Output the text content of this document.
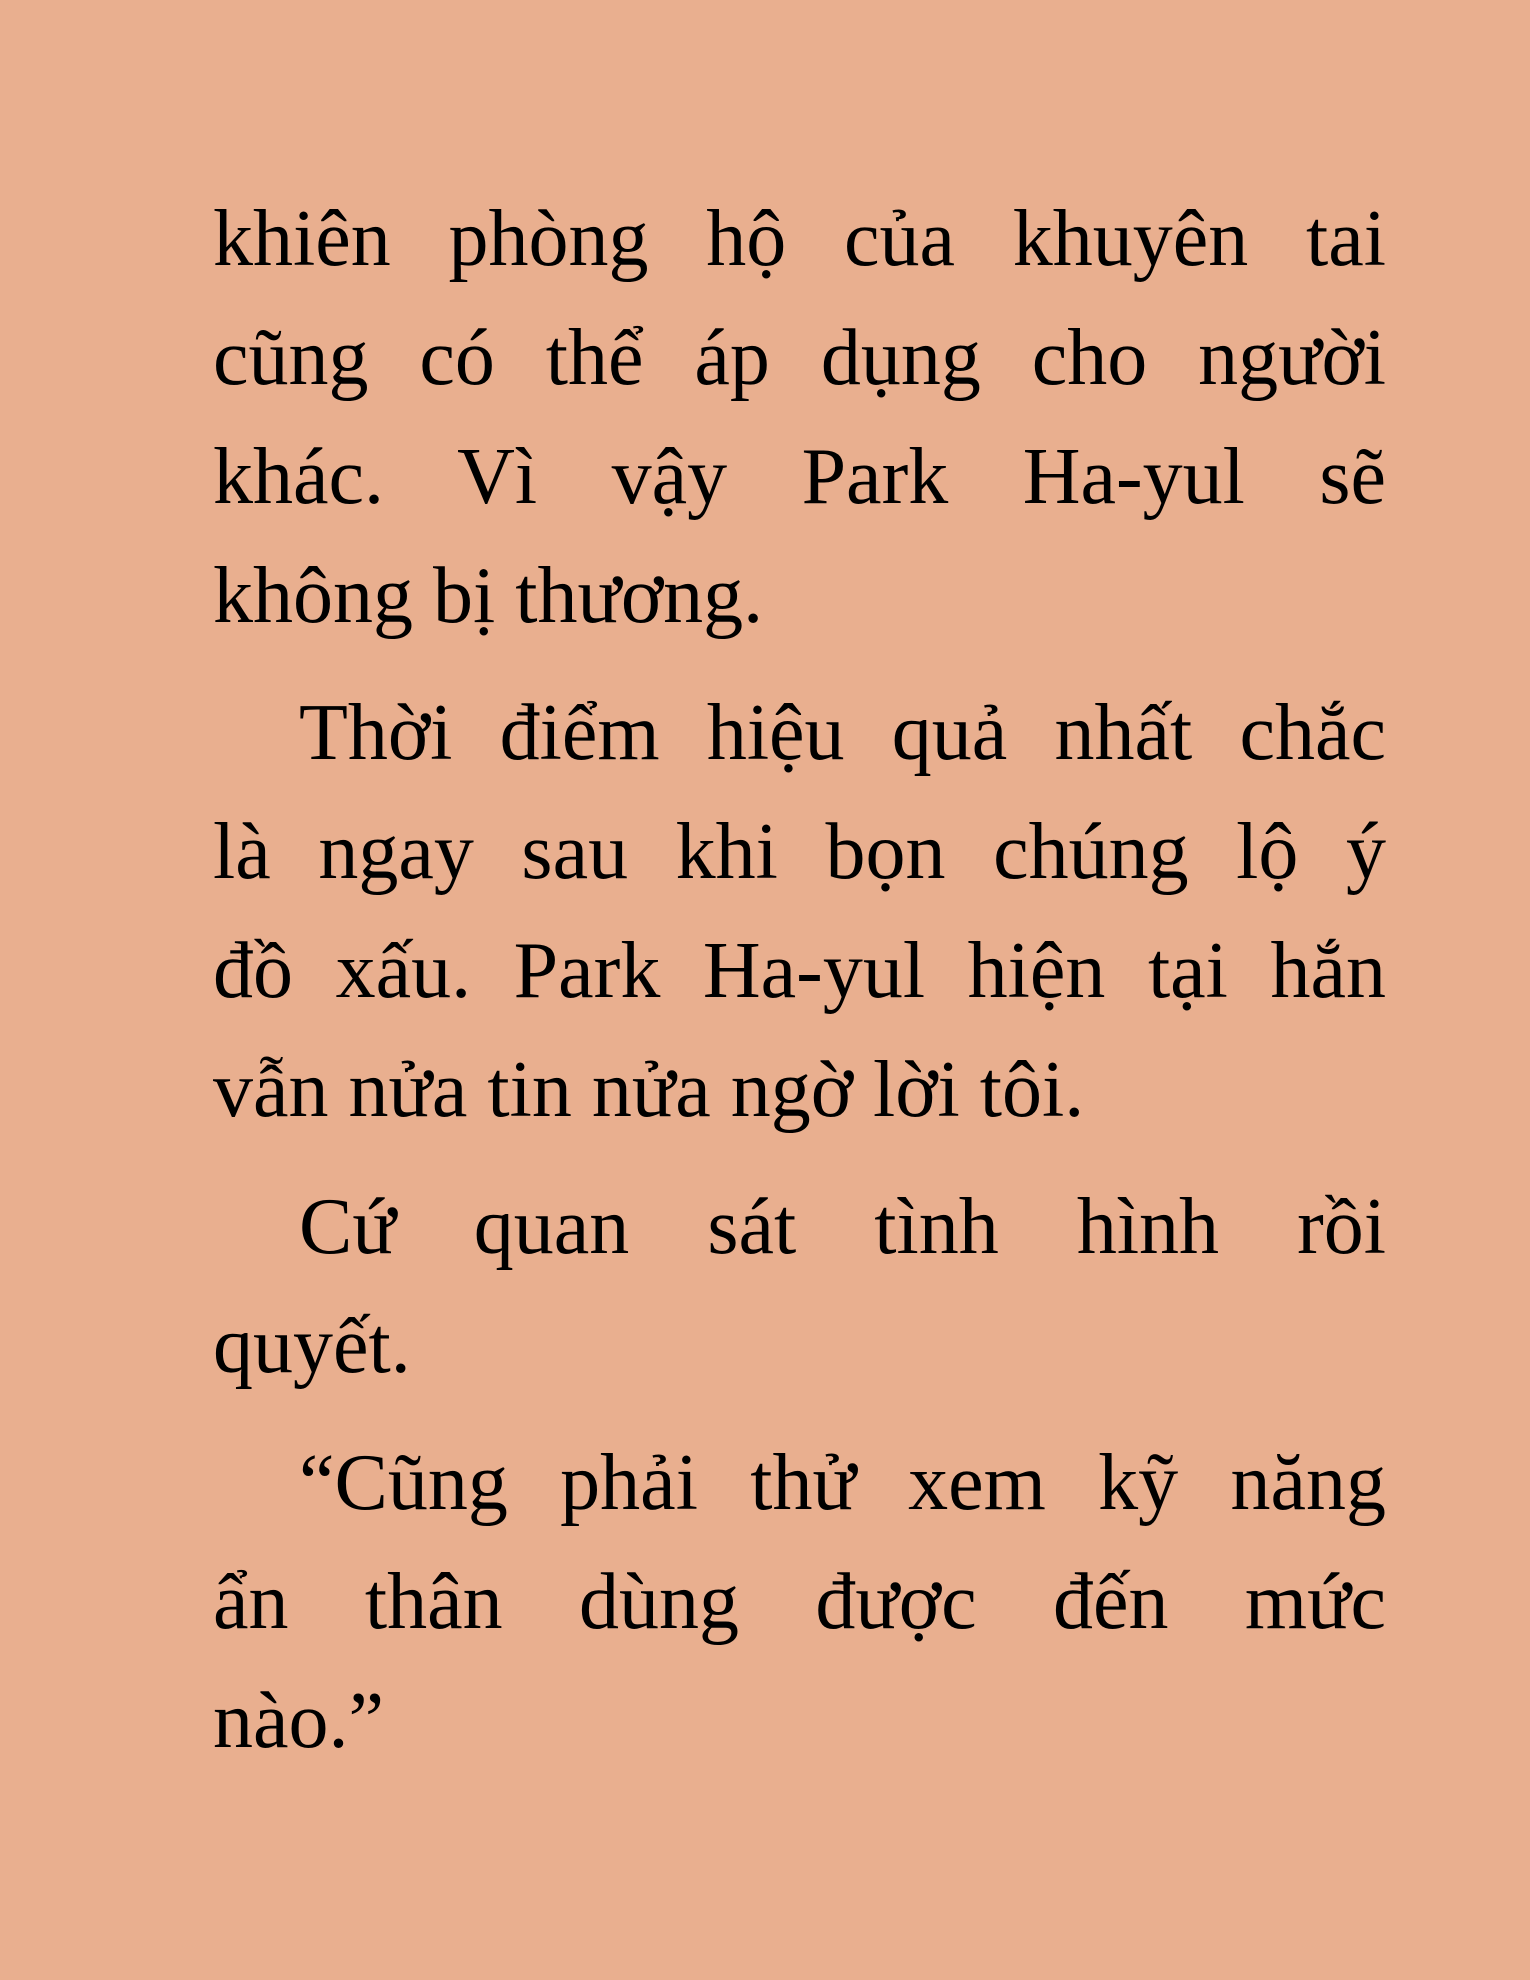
khiên phòng hộ của khuyên tai
cũng có thể áp dụng cho người
khác. Vì vậy Park Ha-yul sẽ
không bị thương.
Thời điểm hiệu quả nhất chắc
là ngay sau khi bọn chúng lộ ý
đồ xấu. Park Ha-yul hiện tại hắn
vẫn nửa tin nửa ngờ lời tôi.
Cứ quan sát tình hình rồi
quyết.
“Cũng phải thử xem kỹ năng
ẩn thân dùng được đến mức
nào.”
